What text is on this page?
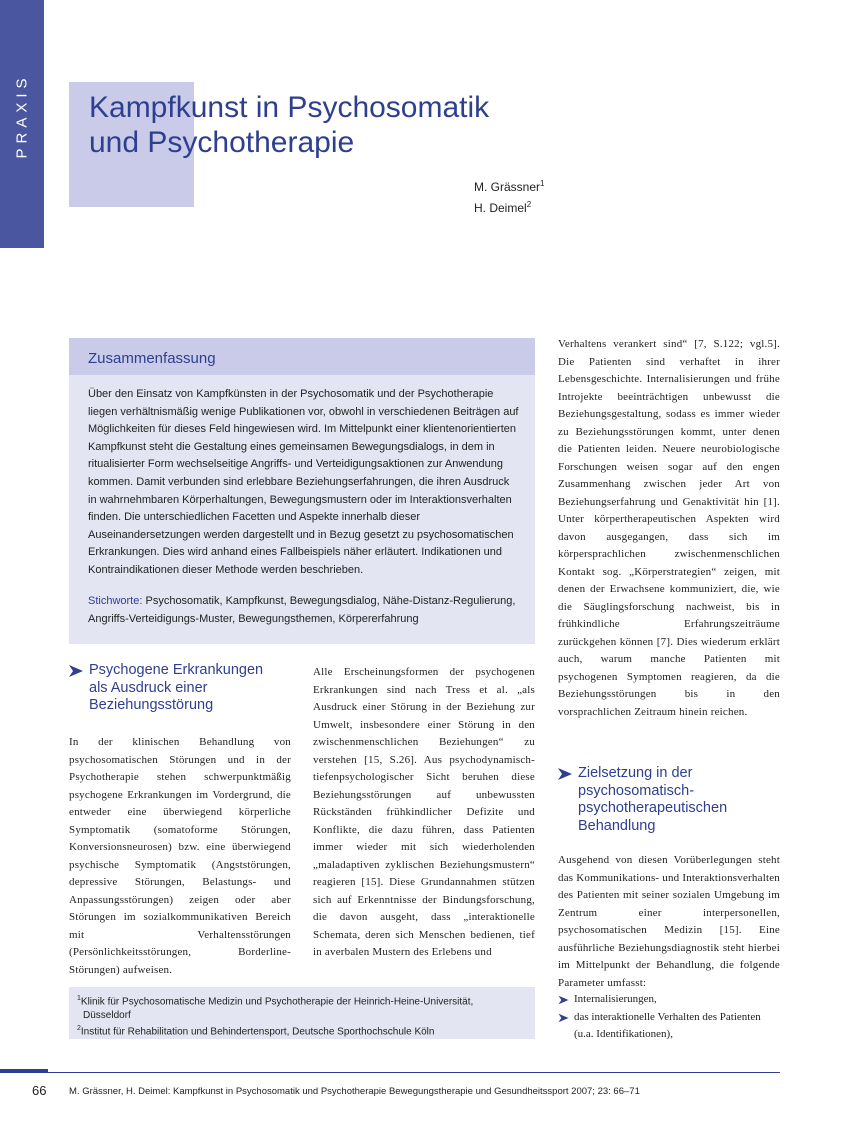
PRAXIS Kampfkunst in Psychosomatik
und Psychotherapie
M. Grässner$^1$
H. Deimel$^2$
Zusammenfassung
Über den Einsatz von Kampfkünsten in der Psychosomatik und der Psychotherapie liegen verhältnismäßig wenige Publikationen vor, obwohl in verschiedenen Beiträgen auf Möglichkeiten für dieses Feld hingewiesen wird. Im Mittelpunkt einer klientenorientierten Kampfkunst steht die Gestaltung eines gemeinsamen Bewegungsdialogs, in dem in ritualisierter Form wechselseitige Angriffs- und Verteidigungsaktionen zur Anwendung kommen. Damit verbunden sind erlebbare Beziehungserfahrungen, die ihren Ausdruck in wahrnehmbaren Körperhaltungen, Bewegungsmustern oder im Interaktionsverhalten finden. Die unterschiedlichen Facetten und Aspekte innerhalb dieser Auseinandersetzungen werden dargestellt und in Bezug gesetzt zu psychosomatischen Erkrankungen. Dies wird anhand eines Fallbeispiels näher erläutert. Indikationen und Kontraindikationen dieser Methode werden beschrieben.
Stichworte: Psychosomatik, Kampfkunst, Bewegungsdialog, Nähe-Distanz-Regulierung, Angriffs-Verteidigungs-Muster, Bewegungsthemen, Körpererfahrung
Psychogene Erkrankungen
als Ausdruck einer
Beziehungsstörung
In der klinischen Behandlung von psychosomatischen Störungen und in der Psychotherapie stehen schwerpunktmäßig psychogene Erkrankungen im Vordergrund, die entweder eine überwiegend körperliche Symptomatik (somatoforme Störungen, Konversionsneurosen) bzw. eine überwiegend psychische Symptomatik (Angststörungen, depressive Störungen, Belastungs- und Anpassungsstörungen) zeigen oder aber Störungen im sozialkommunikativen Bereich mit Verhaltensstörungen (Persönlichkeitsstörungen, Borderline-Störungen) aufweisen.
Alle Erscheinungsformen der psychogenen Erkrankungen sind nach Tress et al. „als Ausdruck einer Störung in der Beziehung zur Umwelt, insbesondere einer Störung in den zwischenmenschlichen Beziehungen“ zu verstehen [15, S.26]. Aus psychodynamisch-tiefenpsychologischer Sicht beruhen diese Beziehungsstörungen auf unbewussten Rückständen frühkindlicher Defizite und Konflikte, die dazu führen, dass Patienten immer wieder mit sich wiederholenden „maladaptiven zyklischen Beziehungsmustern“ reagieren [15]. Diese Grundannahmen stützen sich auf Erkenntnisse der Bindungsforschung, die davon ausgeht, dass „interaktionelle Schemata, deren sich Menschen bedienen, tief in averbalen Mustern des Erlebens und
Verhaltens verankert sind“ [7, S.122; vgl.5]. Die Patienten sind verhaftet in ihrer Lebensgeschichte. Internalisierungen und frühe Introjekte beeinträchtigen unbewusst die Beziehungsgestaltung, sodass es immer wieder zu Beziehungsstörungen kommt, unter denen die Patienten leiden. Neuere neurobiologische Forschungen weisen sogar auf den engen Zusammenhang zwischen jeder Art von Beziehungserfahrung und Genaktivität hin [1]. Unter körpertherapeutischen Aspekten wird davon ausgegangen, dass sich im körpersprachlichen zwischenmenschlichen Kontakt sog. „Körperstrategien“ zeigen, mit denen der Erwachsene kommuniziert, die, wie die Säuglingsforschung nachweist, bis in frühkindliche Erfahrungszeiträume zurückgehen können [7]. Dies wiederum erklärt auch, warum manche Patienten mit psychogenen Symptomen reagieren, da die Beziehungsstörungen bis in den vorsprachlichen Zeitraum hinein reichen.
Zielsetzung in der
psychosomatisch-
psychotherapeutischen
Behandlung
Ausgehend von diesen Vorüberlegungen steht das Kommunikations- und Interaktionsverhalten des Patienten mit seiner sozialen Umgebung im Zentrum einer interpersonellen, psychosomatischen Medizin [15]. Eine ausführliche Beziehungsdiagnostik steht hierbei im Mittelpunkt der Behandlung, die folgende Parameter umfasst:
Internalisierungen,
das interaktionelle Verhalten des Patienten (u.a. Identifikationen),
$^1$Klinik für Psychosomatische Medizin und Psychotherapie der Heinrich-Heine-Universität,
Düsseldorf
$^2$Institut für Rehabilitation und Behindertensport, Deutsche Sporthochschule Köln
66 M. Grässner, H. Deimel: Kampfkunst in Psychosomatik und Psychotherapie Bewegungstherapie und Gesundheitssport 2007; 23: 66–71
